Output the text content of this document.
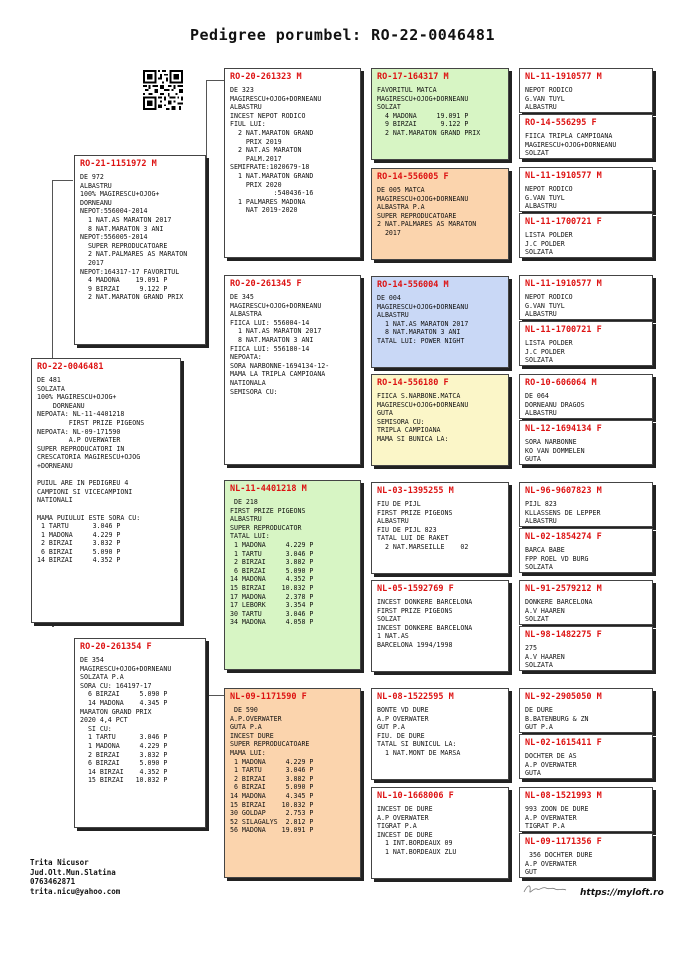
Pedigree porumbel: RO-22-0046481
RO-21-1151972 M
DE 972
ALBASTRU
100% MAGIRESCU+OJOG+
DORNEANU
NEPOT:556004-2014
1 NAT.AS MARATON 2017
8 NAT.MARATON 3 ANI
NEPOT:556005-2014
SUPER REPRODUCATOARE
2 NAT.PALMARES AS MARATON
2017
NEPOT:164317-17 FAVORITUL
4 MADONA    19.091 P
9 BIRZAI     9.122 P
2 NAT.MARATON GRAND PRIX
RO-22-0046481
DE 481
SOLZATA
100% MAGIRESCU+OJOG+
DORNEANU
NEPOATA: NL-11-4401218
FIRST PRIZE PIGEONS
NEPOATA: NL-09-171590
A.P OVERWATER
SUPER REPRODUCATORI IN
CRESCATORIA MAGIRESCU+OJOG
+DORNEANU

PUIUL ARE IN PEDIGREU 4
CAMPIONI SI VICECAMPIONI
NATIONALI

MAMA PUIULUI ESTE SORA CU:
1 TARTU      3.046 P
1 MADONA     4.229 P
2 BIRZAI     3.832 P
6 BIRZAI     5.090 P
14 BIRZAI     4.352 P
RO-20-261354 F
DE 354
MAGIRESCU+OJOG+DORNEANU
SOLZATA P.A
SORA CU: 164197-17
6 BIRZAI     5.090 P
14 MADONA    4.345 P
MARATON GRAND PRIX
2020 4,4 PCT
SI CU:
1 TARTU      3.046 P
1 MADONA     4.229 P
2 BIRZAI     3.832 P
6 BIRZAI     5.090 P
14 BIRZAI    4.352 P
15 BIRZAI   10.832 P
RO-20-261323 M
DE 323
MAGIRESCU+OJOG+DORNEANU
ALBASTRU
INCEST NEPOT RODICO
FIUL LUI:
2 NAT.MARATON GRAND
PRIX 2019
2 NAT.AS MARATON
PALM.2017
SEMIFRATE:1020679-18
1 NAT.MARATON GRAND
PRIX 2020
:540436-16
1 PALMARES MADONA
NAT 2019-2020
RO-20-261345 F
DE 345
MAGIRESCU+OJOG+DORNEANU
ALBASTRA
FIICA LUI: 556004-14
1 NAT.AS MARATON 2017
8 NAT.MARATON 3 ANI
FIICA LUI: 556180-14
NEPOATA:
SORA NARBONNE-1694134-12-
MAMA LA TRIPLA CAMPIOANA
NATIONALA
SEMISORA CU:
NL-11-4401218 M
DE 218
FIRST PRIZE PIGEONS
ALBASTRU
SUPER REPRODUCATOR
TATAL LUI:
1 MADONA     4.229 P
1 TARTU      3.046 P
2 BIRZAI     3.882 P
6 BIRZAI     5.090 P
14 MADONA     4.352 P
15 BIRZAI    10.832 P
17 MADONA     2.378 P
17 LEBORK     3.354 P
30 TARTU      3.046 P
34 MADONA     4.058 P
NL-09-1171590 F
DE 590
A.P.OVERWATER
GUTA P.A
INCEST DURE
SUPER REPRODUCATOARE
MAMA LUI:
1 MADONA     4.229 P
1 TARTU      3.046 P
2 BIRZAI     3.882 P
6 BIRZAI     5.090 P
14 MADONA     4.345 P
15 BIRZAI    10.832 P
30 GOLDAP     2.753 P
52 SILAGALYS  2.812 P
56 MADONA    19.091 P
RO-17-164317 M
FAVORITUL MATCA
MAGIRESCU+OJOG+DORNEANU
SOLZAT
4 MADONA     19.091 P
9 BIRZAI      9.122 P
2 NAT.MARATON GRAND PRIX
RO-14-556005 F
DE 005 MATCA
MAGIRESCU+OJOG+DORNEANU
ALBASTRA P.A
SUPER REPRODUCATOARE
2 NAT.PALMARES AS MARATON
2017
RO-14-556004 M
DE 004
MAGIRESCU+OJOG+DORNEANU
ALBASTRU
1 NAT.AS MARATON 2017
8 NAT.MARATON 3 ANI
TATAL LUI: POWER NIGHT
RO-14-556180 F
FIICA S.NARBONE.MATCA
MAGIRESCU+OJOG+DORNEANU
GUTA
SEMISORA CU:
TRIPLA CAMPIOANA
MAMA SI BUNICA LA:
NL-03-1395255 M
FIU DE PIJL
FIRST PRIZE PIGEONS
ALBASTRU
FIU DE PIJL 823
TATAL LUI DE RAKET
2 NAT.MARSEILLE    02
NL-05-1592769 F
INCEST DONKERE BARCELONA
FIRST PRIZE PIGEONS
SOLZAT
INCEST DONKERE BARCELONA
1 NAT.AS
BARCELONA 1994/1998
NL-08-1522595 M
BONTE VD DURE
A.P OVERWATER
GUT P.A
FIU. DE DURE
TATAL SI BUNICUL LA:
1 NAT.MONT DE MARSA
NL-10-1668006 F
INCEST DE DURE
A.P OVERWATER
TIGRAT P.A
INCEST DE DURE
1 INT.BORDEAUX 09
1 NAT.BORDEAUX ZLU
NL-11-1910577 M
NEPOT RODICO
G.VAN TUYL
ALBASTRU
RO-14-556295 F
FIICA TRIPLA CAMPIOANA
MAGIRESCU+OJOG+DORNEANU
SOLZAT
NL-11-1910577 M
NEPOT RODICO
G.VAN TUYL
ALBASTRU
NL-11-1700721 F
LISTA POLDER
J.C POLDER
SOLZATA
NL-11-1910577 M
NEPOT RODICO
G.VAN TUYL
ALBASTRU
NL-11-1700721 F
LISTA POLDER
J.C POLDER
SOLZATA
RO-10-606064 M
DE 064
DORNEANU DRAGOS
ALBASTRU
NL-12-1694134 F
SORA NARBONNE
KO VAN DOMMELEN
GUTA
NL-96-9607823 M
PIJL 823
KLLASSENS DE LEPPER
ALBASTRU
NL-02-1854274 F
BARCA BABE
FPP ROEL VD BURG
SOLZATA
NL-91-2579212 M
DONKERE BARCELONA
A.V HAAREN
SOLZAT
NL-98-1482275 F
275
A.V HAAREN
SOLZATA
NL-92-2905050 M
DE DURE
B.BATENBURG & ZN
GUT P.A
NL-02-1615411 F
DOCHTER DE AS
A.P OVERWATER
GUTA
NL-08-1521993 M
993 ZOON DE DURE
A.P OVERWATER
TIGRAT P.A
NL-09-1171356 F
356 DOCHTER DURE
A.P OVERWATER
GUT
Trita Nicusor
Jud.Olt.Mun.Slatina
0763462871
trita.nicu@yahoo.com	https://myloft.ro
